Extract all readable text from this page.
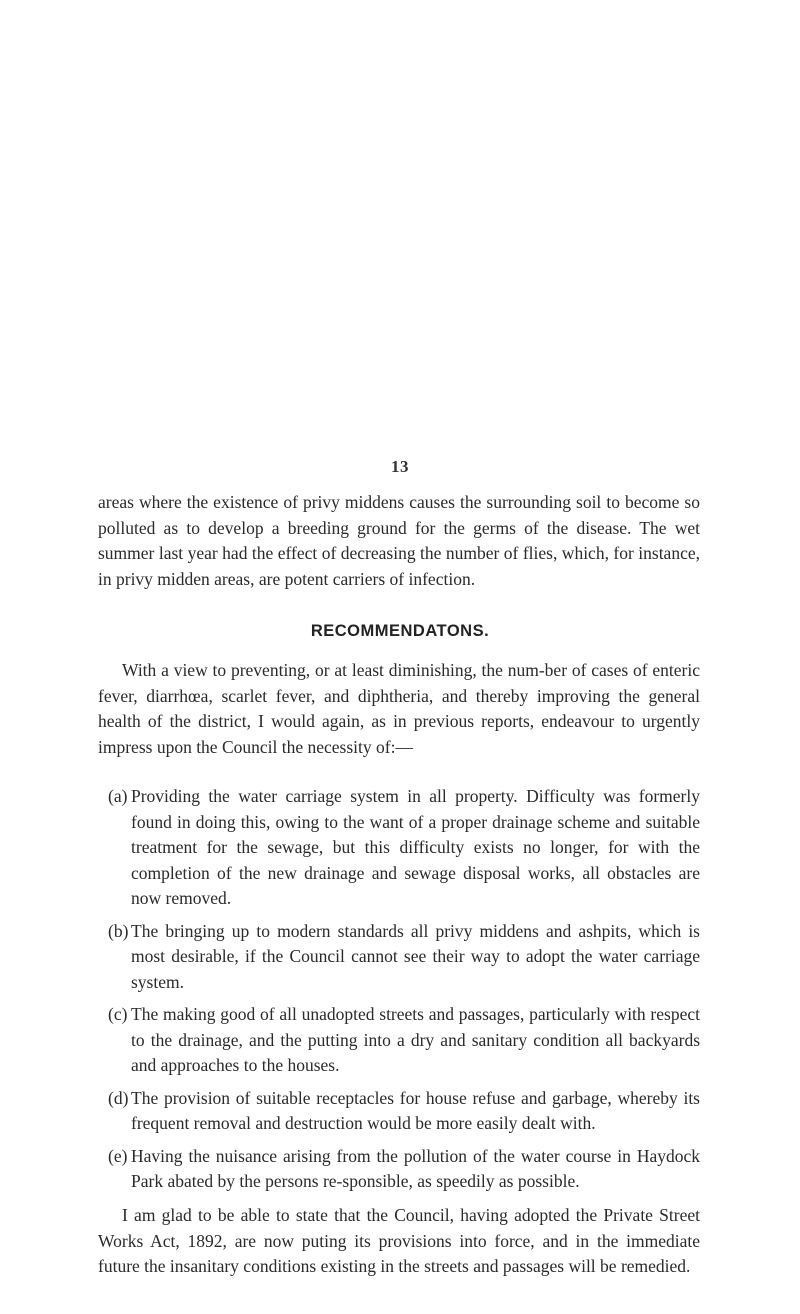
13

areas where the existence of privy middens causes the surrounding soil to become so polluted as to develop a breeding ground for the germs of the disease. The wet summer last year had the effect of decreasing the number of flies, which, for instance, in privy midden areas, are potent carriers of infection.

RECOMMENDATONS.

With a view to preventing, or at least diminishing, the num-ber of cases of enteric fever, diarrhœa, scarlet fever, and diphtheria, and thereby improving the general health of the district, I would again, as in previous reports, endeavour to urgently impress upon the Council the necessity of:—

(a) Providing the water carriage system in all property. Difficulty was formerly found in doing this, owing to the want of a proper drainage scheme and suitable treatment for the sewage, but this difficulty exists no longer, for with the completion of the new drainage and sewage disposal works, all obstacles are now removed.
(b) The bringing up to modern standards all privy middens and ashpits, which is most desirable, if the Council cannot see their way to adopt the water carriage system.
(c) The making good of all unadopted streets and passages, particularly with respect to the drainage, and the putting into a dry and sanitary condition all backyards and approaches to the houses.
(d) The provision of suitable receptacles for house refuse and garbage, whereby its frequent removal and destruction would be more easily dealt with.
(e) Having the nuisance arising from the pollution of the water course in Haydock Park abated by the persons re-sponsible, as speedily as possible.

I am glad to be able to state that the Council, having adopted the Private Street Works Act, 1892, are now puting its provisions into force, and in the immediate future the insanitary conditions existing in the streets and passages will be remedied.
